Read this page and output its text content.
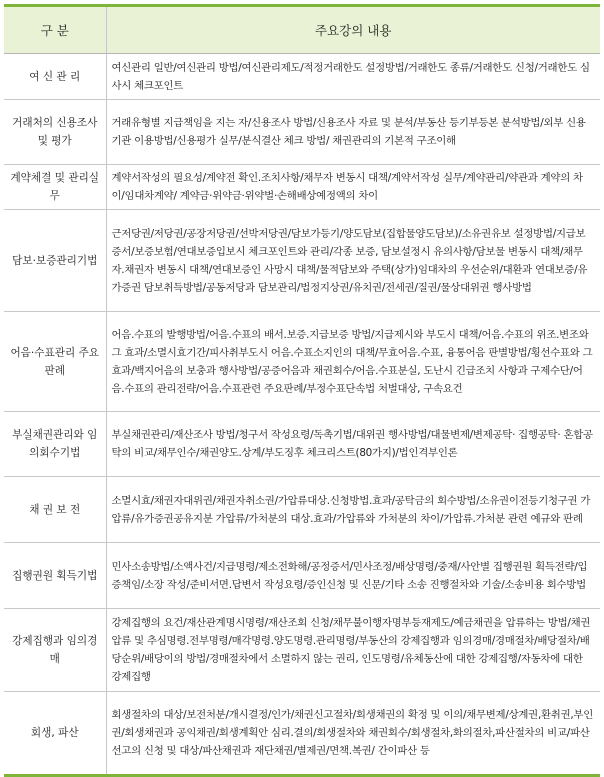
구 분	주요강의 내용
여 신 관 리	여신관리 일반/여신관리 방법/여신관리제도/적정거래한도 설정방법/거래한도 종류/거래한도 신청/거래한도 심사시 체크포인트
거래처의 신용조사 및 평가	거래유형별 지급책임을 지는 자/신용조사 방법/신용조사 자료 및 분석/부동산 등기부등본 분석방법/외부 신용기관 이용방법/신용평가 실무/분식결산 체크 방법/ 채권관리의 기본적 구조이해
계약체결 및 관리실무	계약서작성의 필요성/계약전 확인.조치사항/채무자 변동시 대책/계약서작성 실무/계약관리/약관과 계약의 차이/임대차계약/ 계약금·위약금·위약벌·손해배상예정액의 차이
담보·보증관리기법	근저당권/저당권/공장저당권/선박저당권/담보가등기/양도담보(집합물양도담보)/소유권유보 설정방법/지급보증서/보증보험/연대보증입보시 체크포인트와 관리/각종 보증, 담보설정시 유의사항/담보물 변동시 대책/채무자.채권자 변동시 대책/연대보증인 사망시 대책/물적담보와 주택(상가)임대차의 우선순위/대환과 연대보증/유가증권 담보취득방법/공동저당과 담보관리/법정지상권/유치권/전세권/질권/물상대위권 행사방법
어음·수표관리 주요판례	어음.수표의 발행방법/어음.수표의 배서.보증.지급보증 방법/지급제시와 부도시 대책/어음.수표의 위조.변조와 그 효과/소멸시효기간/피사취부도시 어음.수표소지인의 대책/무효어음.수표, 융통어음 판별방법/횡선수표와 그 효과/백지어음의 보충과 행사방법/공증어음과 채권회수/어음.수표분실, 도난시 긴급조치 사항과 구제수단/어음.수표의 관리전략/어음.수표관련 주요판례/부정수표단속법 처벌대상, 구속요건
부실채권관리와 임의회수기법	부실채권관리/재산조사 방법/청구서 작성요령/독촉기법/대위권 행사방법/대물변제/변제공탁· 집행공탁· 혼합공탁의 비교/채무인수/채권양도.상계/부도징후 체크리스트(80가지)/법인격부인론
채 권 보 전	소멸시효/채권자대위권/채권자취소권/가압류대상.신청방법.효과/공탁금의 회수방법/소유권이전등기청구권 가압류/유가증권공유지분 가압류/가처분의 대상.효과/가압류와 가처분의 차이/가압류.가처분 관련 예규와 판례
집행권원 획득기법	민사소송방법/소액사건/지급명령/제소전화해/공정증서/민사조정/배상명령/중재/사안별 집행권원 획득전략/입증책임/소장 작성/준비서면.답변서 작성요령/증인신청 및 신문/기타 소송 진행절차와 기술/소송비용 회수방법
강제집행과 임의경매	강제집행의 요건/재산관계명시명령/재산조회 신청/채무불이행자명부등재제도/예금채권을 압류하는 방법/채권압류 및 추심명령.전부명령/매각명령.양도명령.관리명령/부동산의 강제집행과 임의경매/경매절차/배당절차/배당순위/배당이의 방법/경매절차에서 소멸하지 않는 권리, 인도명령/유체동산에 대한 강제집행/자동차에 대한 강제집행
회생, 파산	회생절차의 대상/보전처분/개시결정/인가/채권신고절차/회생채권의 확정 및 이의/채무변제/상계권,환취권,부인권/회생채권과 공익채권/회생계획안 심리.결의/회생절차와 채권회수/회생절차,화의절차,파산절차의 비교/파산선고의 신청 및 대상/파산채권과 재단채권/별제권/면책.복권/ 간이파산 등
